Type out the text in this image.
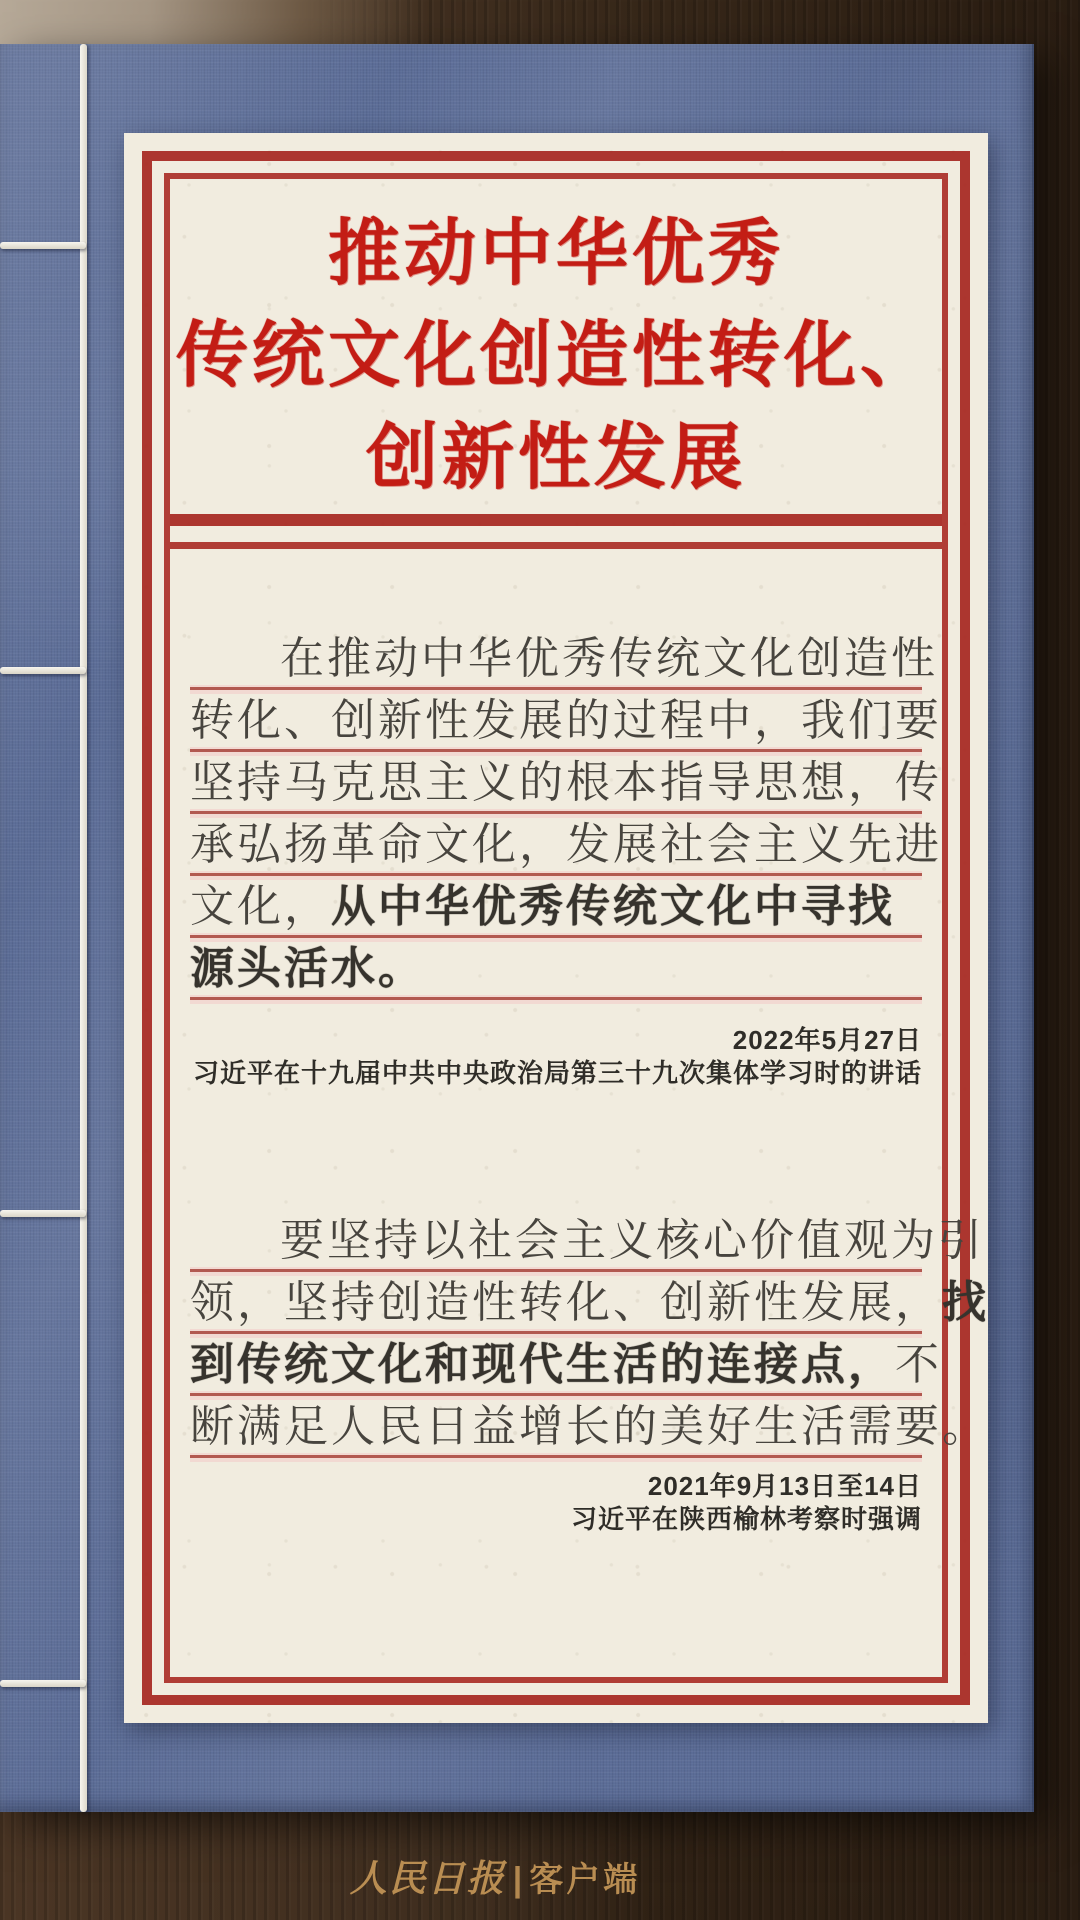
推动中华优秀
传统文化创造性转化、
创新性发展
在推动中华优秀传统文化创造性
转化、创新性发展的过程中，我们要
坚持马克思主义的根本指导思想，传
承弘扬革命文化，发展社会主义先进
文化，从中华优秀传统文化中寻找
源头活水。
2022年5月27日
习近平在十九届中共中央政治局第三十九次集体学习时的讲话
要坚持以社会主义核心价值观为引
领，坚持创造性转化、创新性发展，找
到传统文化和现代生活的连接点，不
断满足人民日益增长的美好生活需要。
2021年9月13日至14日
习近平在陕西榆林考察时强调
人民日报 | 客户端
